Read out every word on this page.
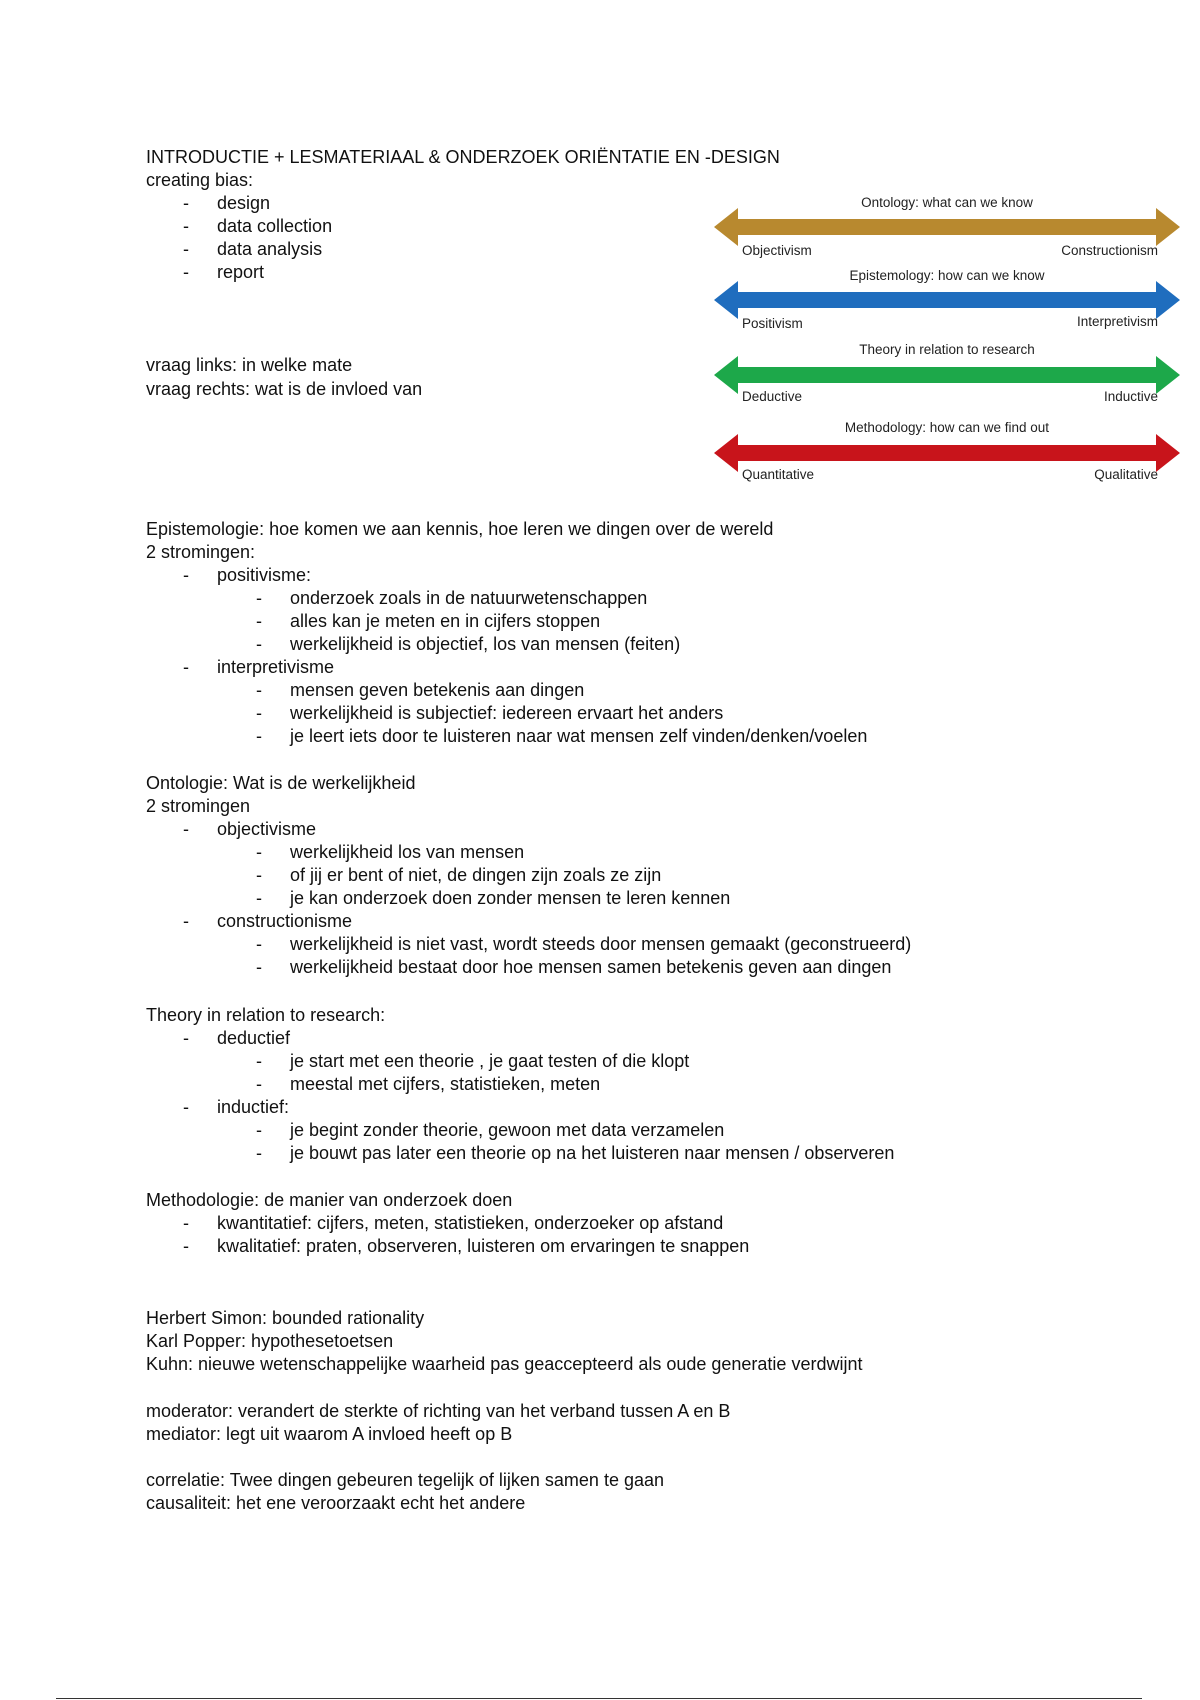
INTRODUCTIE + LESMATERIAAL & ONDERZOEK ORIËNTATIE EN -DESIGN
creating bias:
- design
- data collection
- data analysis
- report
vraag links: in welke mate
vraag rechts: wat is de invloed van
Ontology: what can we know
Objectivism	Constructionism
Epistemology: how can we know
Positivism	Interpretivism
Theory in relation to research
Deductive	Inductive
Methodology: how can we find out
Quantitative	Qualitative
Epistemologie: hoe komen we aan kennis, hoe leren we dingen over de wereld
2 stromingen:
- positivisme:
- onderzoek zoals in de natuurwetenschappen
- alles kan je meten en in cijfers stoppen
- werkelijkheid is objectief, los van mensen (feiten)
- interpretivisme
- mensen geven betekenis aan dingen
- werkelijkheid is subjectief: iedereen ervaart het anders
- je leert iets door te luisteren naar wat mensen zelf vinden/denken/voelen
Ontologie: Wat is de werkelijkheid
2 stromingen
- objectivisme
- werkelijkheid los van mensen
- of jij er bent of niet, de dingen zijn zoals ze zijn
- je kan onderzoek doen zonder mensen te leren kennen
- constructionisme
- werkelijkheid is niet vast, wordt steeds door mensen gemaakt (geconstrueerd)
- werkelijkheid bestaat door hoe mensen samen betekenis geven aan dingen
Theory in relation to research:
- deductief
- je start met een theorie , je gaat testen of die klopt
- meestal met cijfers, statistieken, meten
- inductief:
- je begint zonder theorie, gewoon met data verzamelen
- je bouwt pas later een theorie op na het luisteren naar mensen / observeren
Methodologie: de manier van onderzoek doen
- kwantitatief: cijfers, meten, statistieken, onderzoeker op afstand
- kwalitatief: praten, observeren, luisteren om ervaringen te snappen
Herbert Simon: bounded rationality
Karl Popper: hypothesetoetsen
Kuhn: nieuwe wetenschappelijke waarheid pas geaccepteerd als oude generatie verdwijnt
moderator: verandert de sterkte of richting van het verband tussen A en B
mediator: legt uit waarom A invloed heeft op B
correlatie: Twee dingen gebeuren tegelijk of lijken samen te gaan
causaliteit: het ene veroorzaakt echt het andere
